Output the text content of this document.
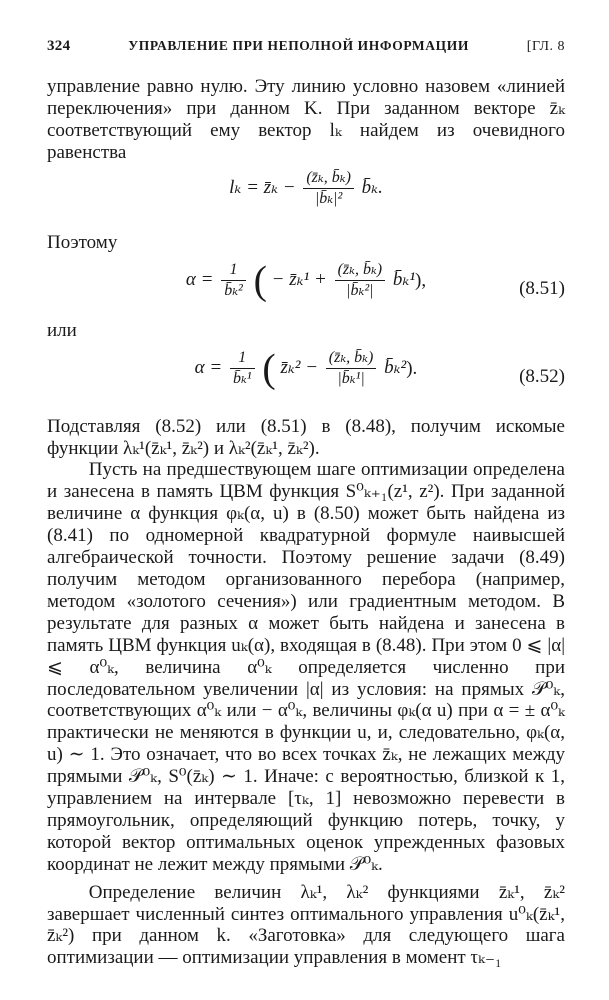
324	УПРАВЛЕНИЕ ПРИ НЕПОЛНОЙ ИНФОРМАЦИИ	[ГЛ. 8

управление равно нулю. Эту линию условно назовем «линией переключения» при данном K. При заданном векторе z̄ₖ соответствующий ему вектор lₖ найдем из очевидного равенства

lₖ = z̄ₖ − $\frac{\text{(z̄ₖ, b̄ₖ)}}{\text{|b̄ₖ|²}}$ b̄ₖ.

Поэтому

$\alpha = \frac{1}{\text{b̄ₖ²}}$ ( − z̄ₖ¹ + $\frac{\text{(z̄ₖ, b̄ₖ)}}{\text{|b̄ₖ²|}}$ b̄ₖ¹),	(8.51)

или

$\alpha = \frac{1}{\text{b̄ₖ¹}}$ ( z̄ₖ² − $\frac{\text{(z̄ₖ, b̄ₖ)}}{\text{|b̄ₖ¹|}}$ b̄ₖ²).	(8.52)

Подставляя (8.52) или (8.51) в (8.48), получим искомые функции λₖ¹(z̄ₖ¹, z̄ₖ²) и λₖ²(z̄ₖ¹, z̄ₖ²).

Пусть на предшествующем шаге оптимизации определена и занесена в память ЦВМ функция S⁰ₖ₊₁(z¹, z²). При заданной величине α функция φₖ(α, u) в (8.50) может быть найдена из (8.41) по одномерной квадратурной формуле наивысшей алгебраической точности. Поэтому решение задачи (8.49) получим методом организованного перебора (например, методом «золотого сечения») или градиентным методом. В результате для разных α может быть найдена и занесена в память ЦВМ функция uₖ(α), входящая в (8.48). При этом 0 ⩽ |α| ⩽ α⁰ₖ, величина α⁰ₖ определяется численно при последовательном увеличении |α| из условия: на прямых 𝒫⁰ₖ, соответствующих α⁰ₖ или − α⁰ₖ, величины φₖ(α u) при α = ± α⁰ₖ практически не меняются в функции u, и, следовательно, φₖ(α, u) ∼ 1. Это означает, что во всех точках z̄ₖ, не лежащих между прямыми 𝒫⁰ₖ, S⁰(z̄ₖ) ∼ 1. Иначе: с вероятностью, близкой к 1, управлением на интервале [τₖ, 1] невозможно перевести в прямоугольник, определяющий функцию потерь, точку, у которой вектор оптимальных оценок упрежденных фазовых координат не лежит между прямыми 𝒫⁰ₖ.

Определение величин λₖ¹, λₖ² функциями z̄ₖ¹, z̄ₖ² завершает численный синтез оптимального управления u⁰ₖ(z̄ₖ¹, z̄ₖ²) при данном k. «Заготовка» для следующего шага оптимизации — оптимизации управления в момент τₖ₋₁
